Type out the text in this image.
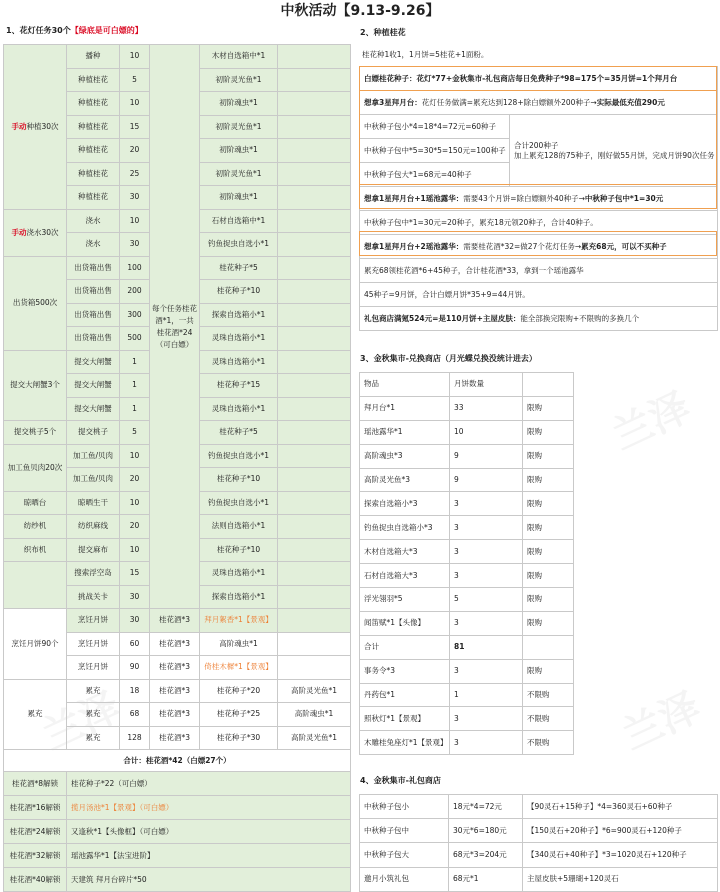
中秋活动【9.13-9.26】
1、花灯任务30个【绿底是可白嫖的】
手动种植30次	播种	10	每个任务桂花酒*1，一共桂花酒*24（可白嫖）	木材自选箱中*1	
	种植桂花	5		初阶灵光鱼*1	
	种植桂花	10		初阶魂虫*1	
	种植桂花	15		初阶灵光鱼*1	
	种植桂花	20		初阶魂虫*1	
	种植桂花	25		初阶灵光鱼*1	
	种植桂花	30		初阶魂虫*1	
手动浇水30次	浇水	10		石材自选箱中*1	
	浇水	30		钓鱼捉虫自选小*1	
出货箱500次	出货箱出售	100		桂花种子*5	
	出货箱出售	200		桂花种子*10	
	出货箱出售	300		探索自选箱小*1	
	出货箱出售	500		灵珠自选箱小*1	
提交大闸蟹3个	提交大闸蟹	1		灵珠自选箱小*1	
	提交大闸蟹	1		桂花种子*15	
	提交大闸蟹	1		灵珠自选箱小*1	
提交桃子5个	提交桃子	5		桂花种子*5	
加工鱼贝肉20次	加工鱼/贝肉	10		钓鱼捉虫自选小*1	
	加工鱼/贝肉	20		桂花种子*10	
晾晒台	晾晒生干	10		钓鱼捉虫自选小*1	
纺纱机	纺织麻线	20		法则自选箱小*1	
织布机	提交麻布	10		桂花种子*10	
	搜索浮空岛	15		灵珠自选箱小*1	
	挑战关卡	30		探索自选箱小*1	
烹饪月饼90个	烹饪月饼	30	桂花酒*3	拜月絮香*1【景观】	
	烹饪月饼	60	桂花酒*3	高阶魂虫*1	
	烹饪月饼	90	桂花酒*3	倚桂木樨*1【景观】	
累充	累充	18	桂花酒*3	桂花种子*20	高阶灵光鱼*1
	累充	68	桂花酒*3	桂花种子*25	高阶魂虫*1
	累充	128	桂花酒*3	桂花种子*30	高阶灵光鱼*1
合计：桂花酒*42（白嫖27个）					
桂花酒*8解锁	桂花种子*22（可白嫖）
桂花酒*16解锁	揽月汤池*1【景观】（可白嫖）
桂花酒*24解锁	又逢秋*1【头像框】（可白嫖）
桂花酒*32解锁	瑶池露华*1【法宝进阶】
桂花酒*40解锁	天建筑 拜月台碎片*50
2、种植桂花
桂花种1收1，1月饼=5桂花+1面粉。
白嫖桂花种子：花灯*77+金秋集市-礼包商店每日免费种子*98=175个=35月饼=1个拜月台
想拿3星拜月台：花灯任务做满=累充达到128+除白嫖额外200种子→实际最低充值290元
中秋种子包小*4=18*4=72元=60种子	合计200种子
加上累充128的75种子，刚好做55月饼，完成月饼90次任务
中秋种子包中*5=30*5=150元=100种子
中秋种子包大*1=68元=40种子
想拿1星拜月台+1瑶池露华：需要43个月饼=除白嫖额外40种子→中秋种子包中*1=30元
中秋种子包中*1=30元=20种子，累充18元领20种子，合计40种子。
想拿1星拜月台+2瑶池露华：需要桂花酒*32=做27个花灯任务→累充68元，可以不买种子
累充68领桂花酒*6+45种子，合计桂花酒*33，拿到一个瑶池露华
45种子=9月饼，合计白嫖月饼*35+9=44月饼。
礼包商店满氪524元=是110月饼+主屋皮肤：能全部换完限购+不限购的多换几个
3、金秋集市-兑换商店（月光蝶兑换没统计进去）
物品	月饼数量	
拜月台*1	33	限购
瑶池露华*1	10	限购
高阶魂虫*3	9	限购
高阶灵光鱼*3	9	限购
探索自选箱小*3	3	限购
钓鱼捉虫自选箱小*3	3	限购
木材自选箱大*3	3	限购
石材自选箱大*3	3	限购
浮光翎羽*5	5	限购
闻笛赋*1【头像】	3	限购
合计	81	
事务令*3	3	限购
丹药包*1	1	不限购
照秋灯*1【景观】	3	不限购
木雕桂兔座灯*1【景观】	3	不限购
4、金秋集市-礼包商店
中秋种子包小	18元*4=72元	【90灵石+15种子】*4=360灵石+60种子
中秋种子包中	30元*6=180元	【150灵石+20种子】*6=900灵石+120种子
中秋种子包大	68元*3=204元	【340灵石+40种子】*3=1020灵石+120种子
邀月小筑礼包	68元*1	主屋皮肤+5珊瑚+120灵石
